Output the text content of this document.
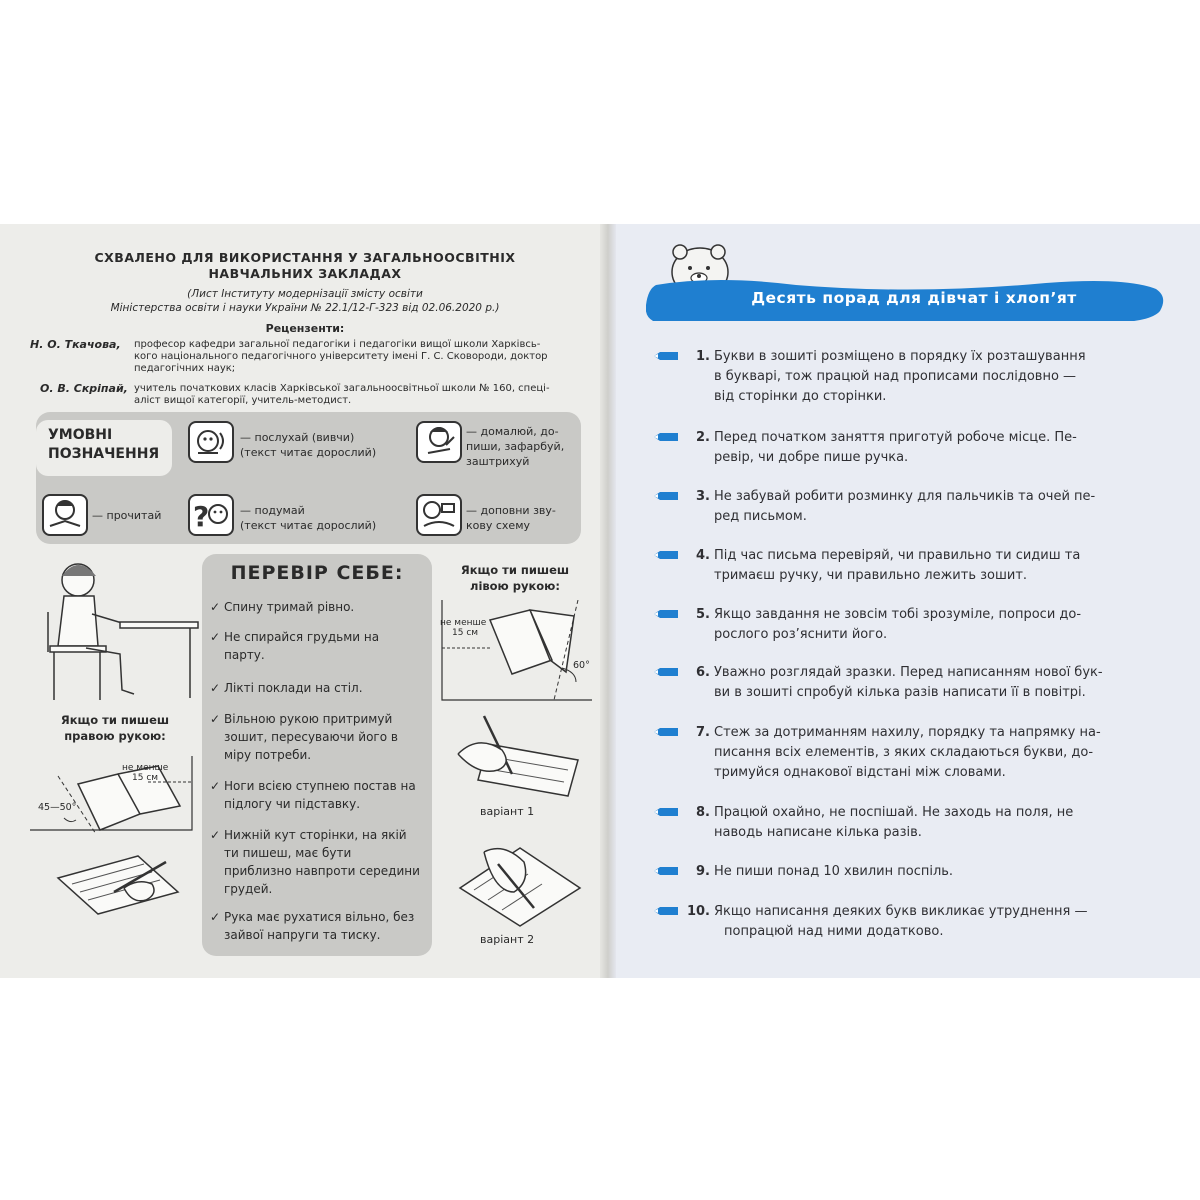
СХВАЛЕНО ДЛЯ ВИКОРИСТАННЯ У ЗАГАЛЬНООСВІТНІХ
НАВЧАЛЬНИХ ЗАКЛАДАХ
(Лист Інституту модернізації змісту освіти
Міністерства освіти і науки України № 22.1/12-Г-323 від 02.06.2020 р.)
Рецензенти:
Н. О. Ткачова, професор кафедри загальної педагогіки і педагогіки вищої школи Харківсь-
кого національного педагогічного університету імені Г. С. Сковороди, доктор
педагогічних наук;
О. В. Скрiпай, учитель початкових класів Харківської загальноосвітньої школи № 160, спеці-
аліст вищої категорії, учитель-методист.
УМОВНІ
ПОЗНАЧЕННЯ
— послухай (вивчи)
(текст читає дорослий)
— домалюй, до-
пиши, зафарбуй,
заштрихуй
— прочитай ?	— подумай
(текст читає дорослий)
— доповни зву-
кову схему
Якщо ти пишеш
правою рукою:
не менше
15 см
45—50°
ПЕРЕВІР СЕБЕ:
✓ Спину тримай рівно.
✓ Не спирайся грудьми на парту.
✓ Лікті поклади на стіл.
✓ Вільною рукою притримуй зошит, пересуваючи його в міру потреби.
✓ Ноги всією ступнею постав на підлогу чи підставку.
✓ Нижній кут сторінки, на якій ти пишеш, має бути приблизно навпроти середини грудей.
✓ Рука має рухатися вільно, без зайвої напруги та тиску.
Якщо ти пишеш
лівою рукою:
не менше
15 см
60°
варіант 1
варіант 2
Десять порад для дівчат і хлоп’ят
1. Букви в зошиті розміщено в порядку їх розташування
в букварі, тож працюй над прописами послідовно —
від сторінки до сторінки.
2. Перед початком заняття приготуй робоче місце. Пе-
ревір, чи добре пише ручка.
3. Не забувай робити розминку для пальчиків та очей пе-
ред письмом.
4. Під час письма перевіряй, чи правильно ти сидиш та
тримаєш ручку, чи правильно лежить зошит.
5. Якщо завдання не зовсім тобі зрозуміле, попроси до-
рослого роз’яснити його.
6. Уважно розглядай зразки. Перед написанням нової бук-
ви в зошиті спробуй кілька разів написати її в повітрі.
7. Стеж за дотриманням нахилу, порядку та напрямку на-
писання всіх елементів, з яких складаються букви, до-
тримуйся однакової відстані між словами.
8. Працюй охайно, не поспішай. Не заходь на поля, не
наводь написане кілька разів.
9. Не пиши понад 10 хвилин поспіль.
10. Якщо написання деяких букв викликає утруднення —
попрацюй над ними додатково.
